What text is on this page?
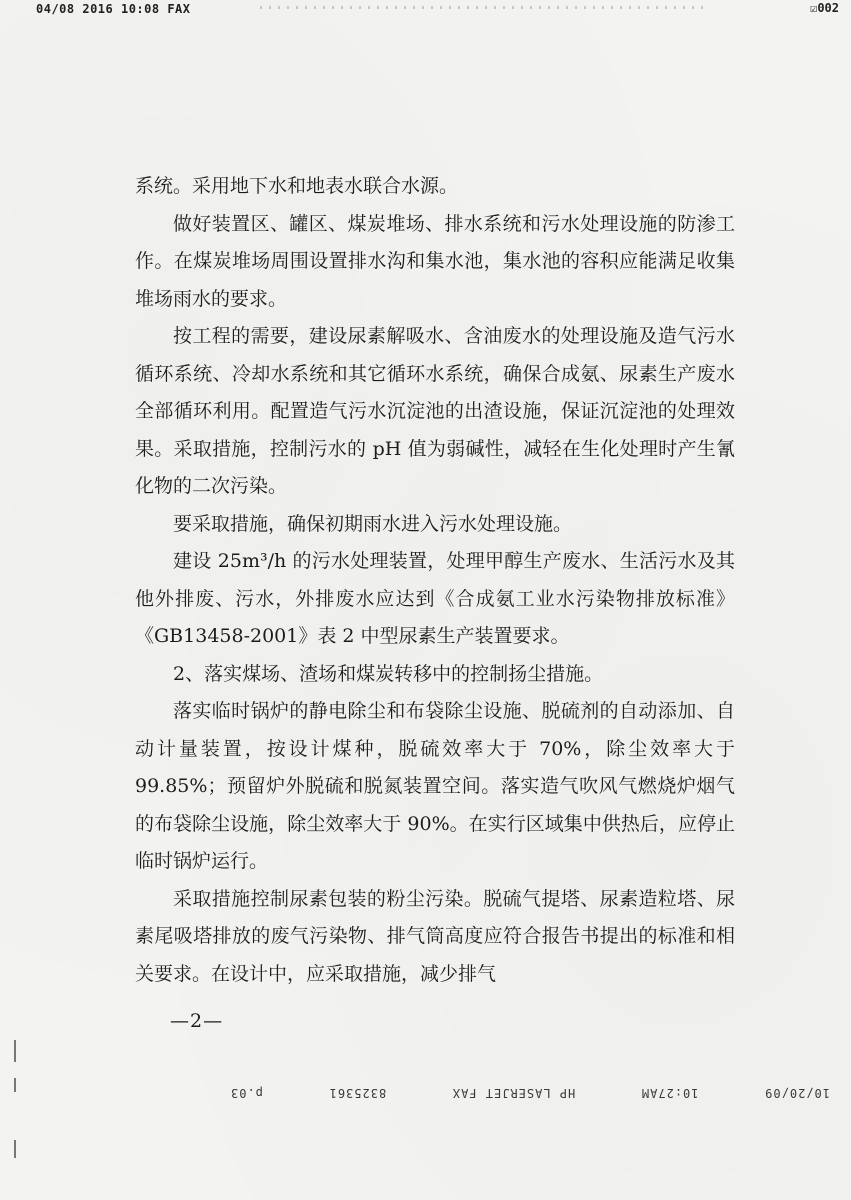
04/08 2016 10:08 FAX	☑002

系统。采用地下水和地表水联合水源。

做好装置区、罐区、煤炭堆场、排水系统和污水处理设施的防渗工作。在煤炭堆场周围设置排水沟和集水池，集水池的容积应能满足收集堆场雨水的要求。

按工程的需要，建设尿素解吸水、含油废水的处理设施及造气污水循环系统、冷却水系统和其它循环水系统，确保合成氨、尿素生产废水全部循环利用。配置造气污水沉淀池的出渣设施，保证沉淀池的处理效果。采取措施，控制污水的 pH 值为弱碱性，减轻在生化处理时产生氰化物的二次污染。

要采取措施，确保初期雨水进入污水处理设施。

建设 25m³/h 的污水处理装置，处理甲醇生产废水、生活污水及其他外排废、污水，外排废水应达到《合成氨工业水污染物排放标准》《GB13458-2001》表 2 中型尿素生产装置要求。

2、落实煤场、渣场和煤炭转移中的控制扬尘措施。

落实临时锅炉的静电除尘和布袋除尘设施、脱硫剂的自动添加、自动计量装置，按设计煤种，脱硫效率大于 70%，除尘效率大于 99.85%；预留炉外脱硫和脱氮装置空间。落实造气吹风气燃烧炉烟气的布袋除尘设施，除尘效率大于 90%。在实行区域集中供热后，应停止临时锅炉运行。

采取措施控制尿素包装的粉尘污染。脱硫气提塔、尿素造粒塔、尿素尾吸塔排放的废气污染物、排气筒高度应符合报告书提出的标准和相关要求。在设计中，应采取措施，减少排气

—2—
10/20/09
10:27AM
HP LASERJET FAX
8325361
p.03
